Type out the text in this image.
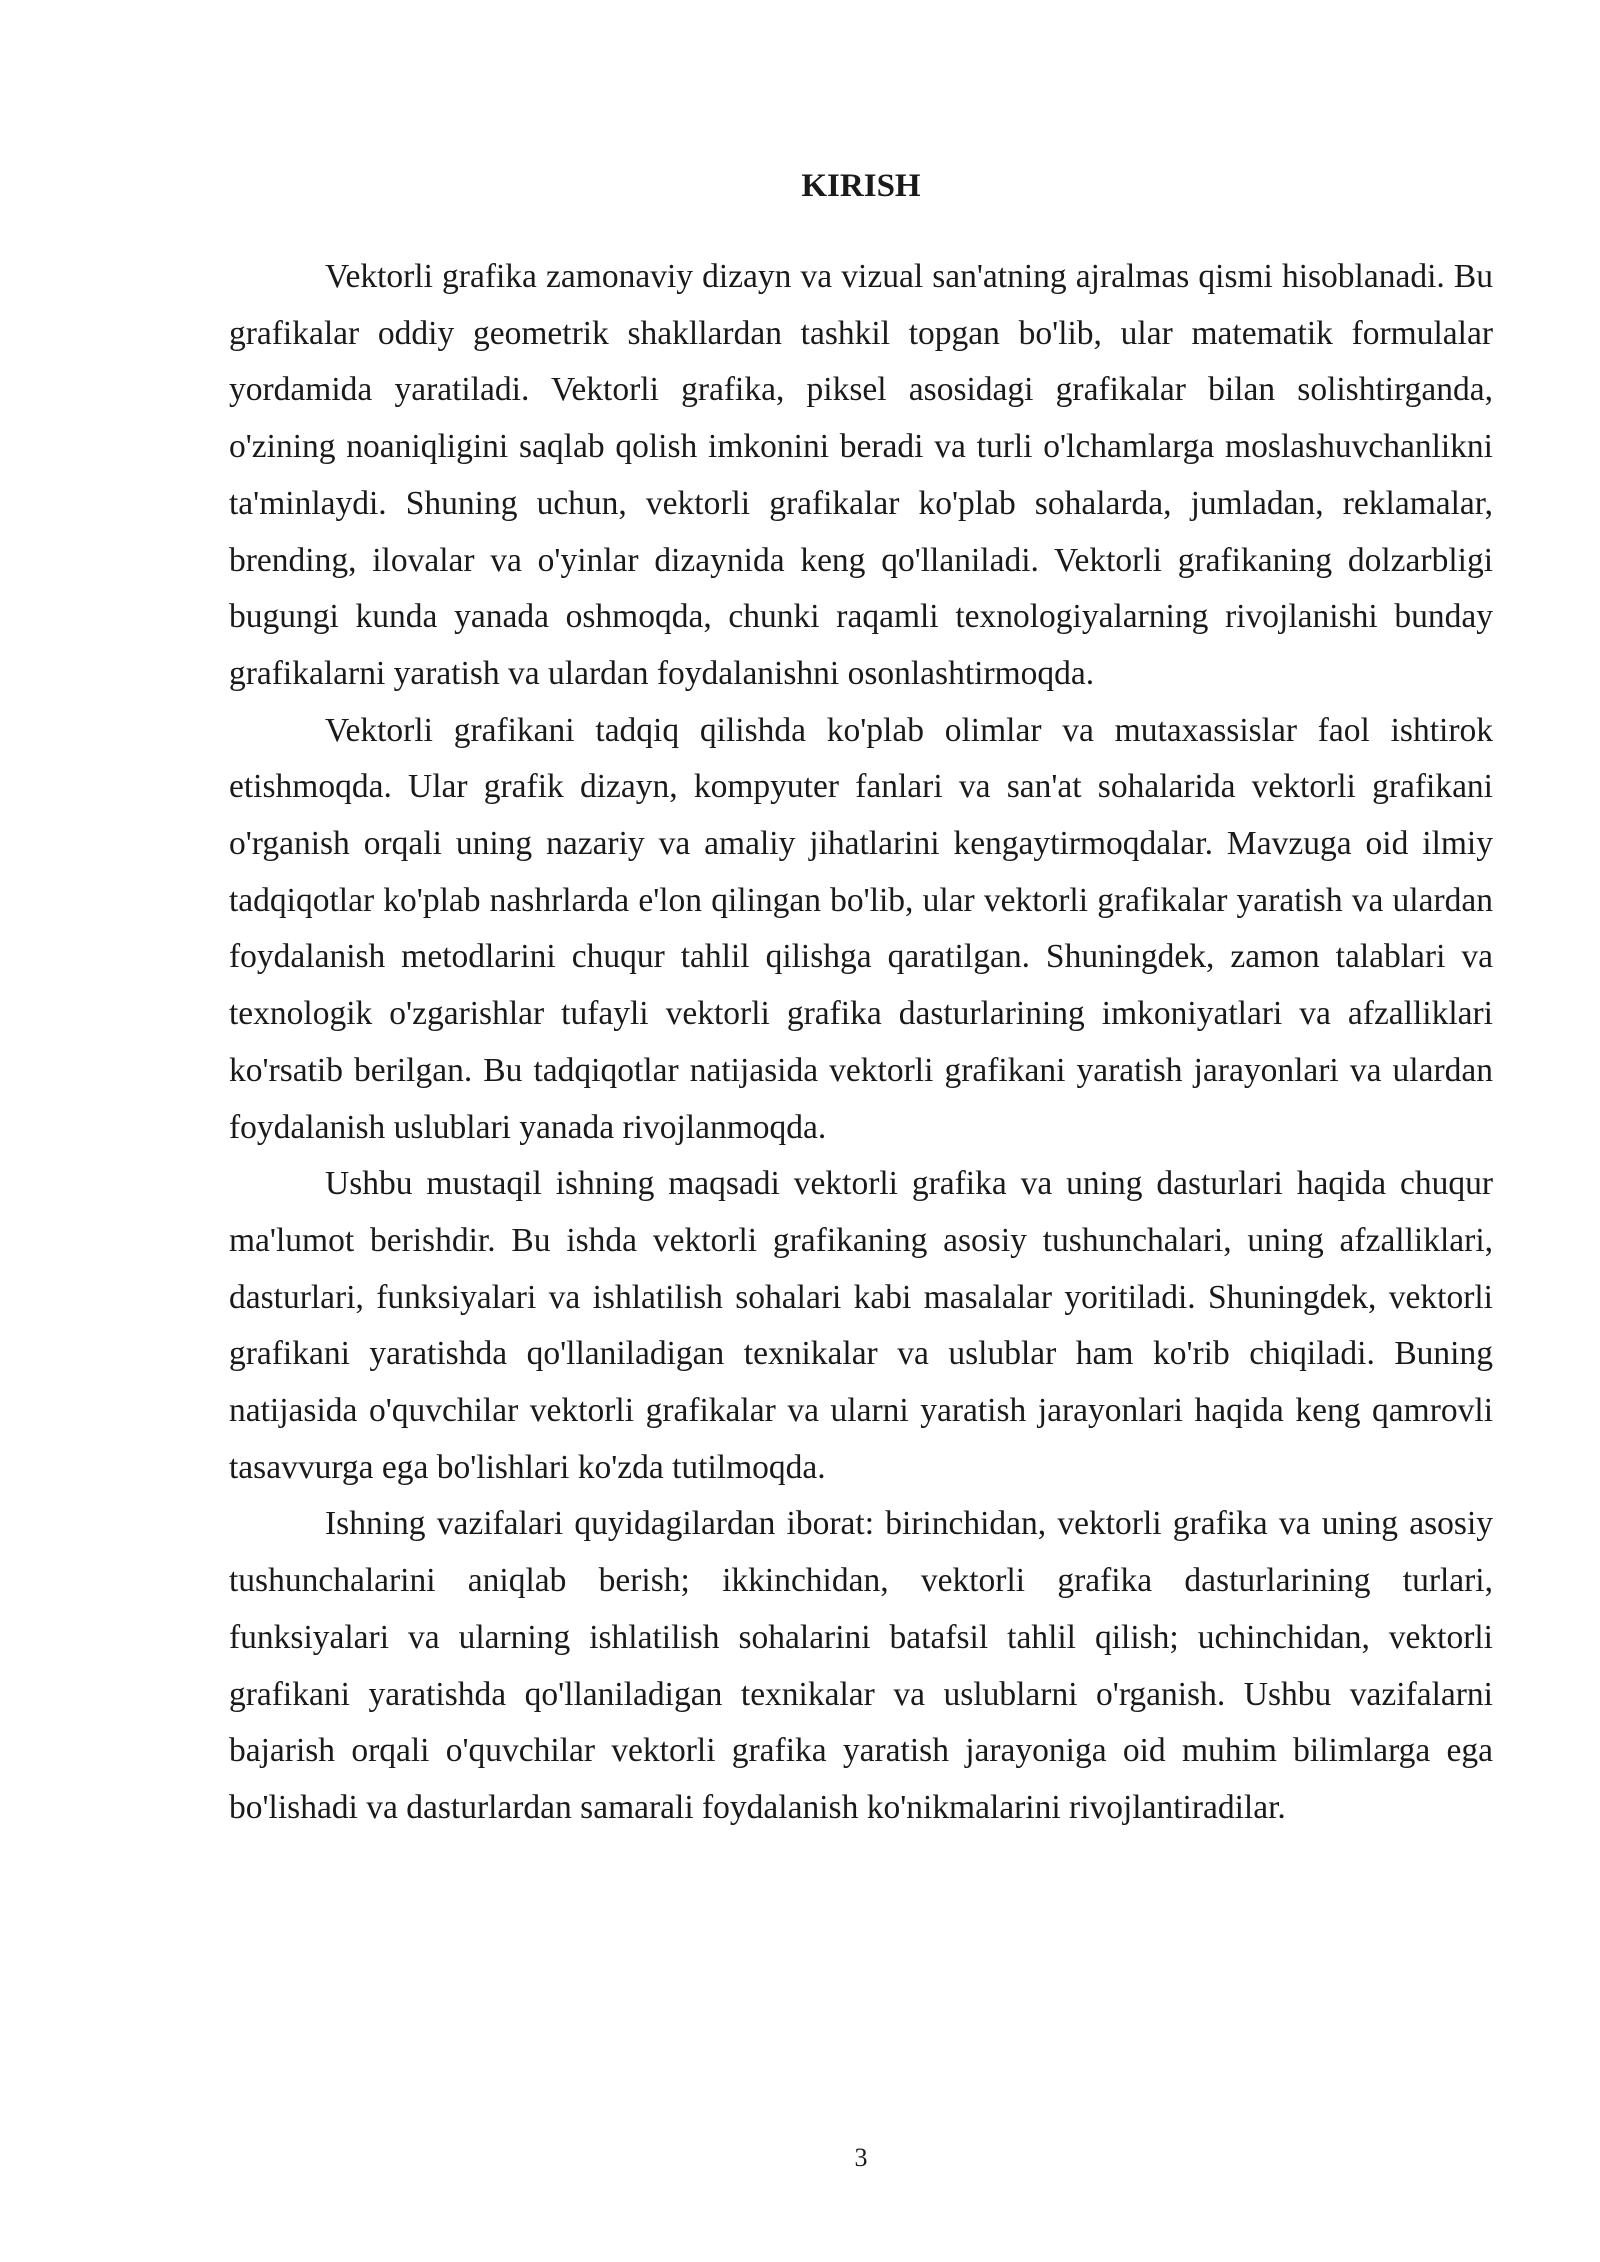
KIRISH

Vektorli grafika zamonaviy dizayn va vizual san'atning ajralmas qismi hisoblanadi. Bu grafikalar oddiy geometrik shakllardan tashkil topgan bo'lib, ular matematik formulalar yordamida yaratiladi. Vektorli grafika, piksel asosidagi grafikalar bilan solishtirganda, o'zining noaniqligini saqlab qolish imkonini beradi va turli o'lchamlarga moslashuvchanlikni ta'minlaydi. Shuning uchun, vektorli grafikalar ko'plab sohalarda, jumladan, reklamalar, brending, ilovalar va o'yinlar dizaynida keng qo'llaniladi. Vektorli grafikaning dolzarbligi bugungi kunda yanada oshmoqda, chunki raqamli texnologiyalarning rivojlanishi bunday grafikalarni yaratish va ulardan foydalanishni osonlashtirmoqda.

Vektorli grafikani tadqiq qilishda ko'plab olimlar va mutaxassislar faol ishtirok etishmoqda. Ular grafik dizayn, kompyuter fanlari va san'at sohalarida vektorli grafikani o'rganish orqali uning nazariy va amaliy jihatlarini kengaytirmoqdalar. Mavzuga oid ilmiy tadqiqotlar ko'plab nashrlarda e'lon qilingan bo'lib, ular vektorli grafikalar yaratish va ulardan foydalanish metodlarini chuqur tahlil qilishga qaratilgan. Shuningdek, zamon talablari va texnologik o'zgarishlar tufayli vektorli grafika dasturlarining imkoniyatlari va afzalliklari ko'rsatib berilgan. Bu tadqiqotlar natijasida vektorli grafikani yaratish jarayonlari va ulardan foydalanish uslublari yanada rivojlanmoqda.

Ushbu mustaqil ishning maqsadi vektorli grafika va uning dasturlari haqida chuqur ma'lumot berishdir. Bu ishda vektorli grafikaning asosiy tushunchalari, uning afzalliklari, dasturlari, funksiyalari va ishlatilish sohalari kabi masalalar yoritiladi. Shuningdek, vektorli grafikani yaratishda qo'llaniladigan texnikalar va uslublar ham ko'rib chiqiladi. Buning natijasida o'quvchilar vektorli grafikalar va ularni yaratish jarayonlari haqida keng qamrovli tasavvurga ega bo'lishlari ko'zda tutilmoqda.

Ishning vazifalari quyidagilardan iborat: birinchidan, vektorli grafika va uning asosiy tushunchalarini aniqlab berish; ikkinchidan, vektorli grafika dasturlarining turlari, funksiyalari va ularning ishlatilish sohalarini batafsil tahlil qilish; uchinchidan, vektorli grafikani yaratishda qo'llaniladigan texnikalar va uslublarni o'rganish. Ushbu vazifalarni bajarish orqali o'quvchilar vektorli grafika yaratish jarayoniga oid muhim bilimlarga ega bo'lishadi va dasturlardan samarali foydalanish ko'nikmalarini rivojlantiradilar.

3
